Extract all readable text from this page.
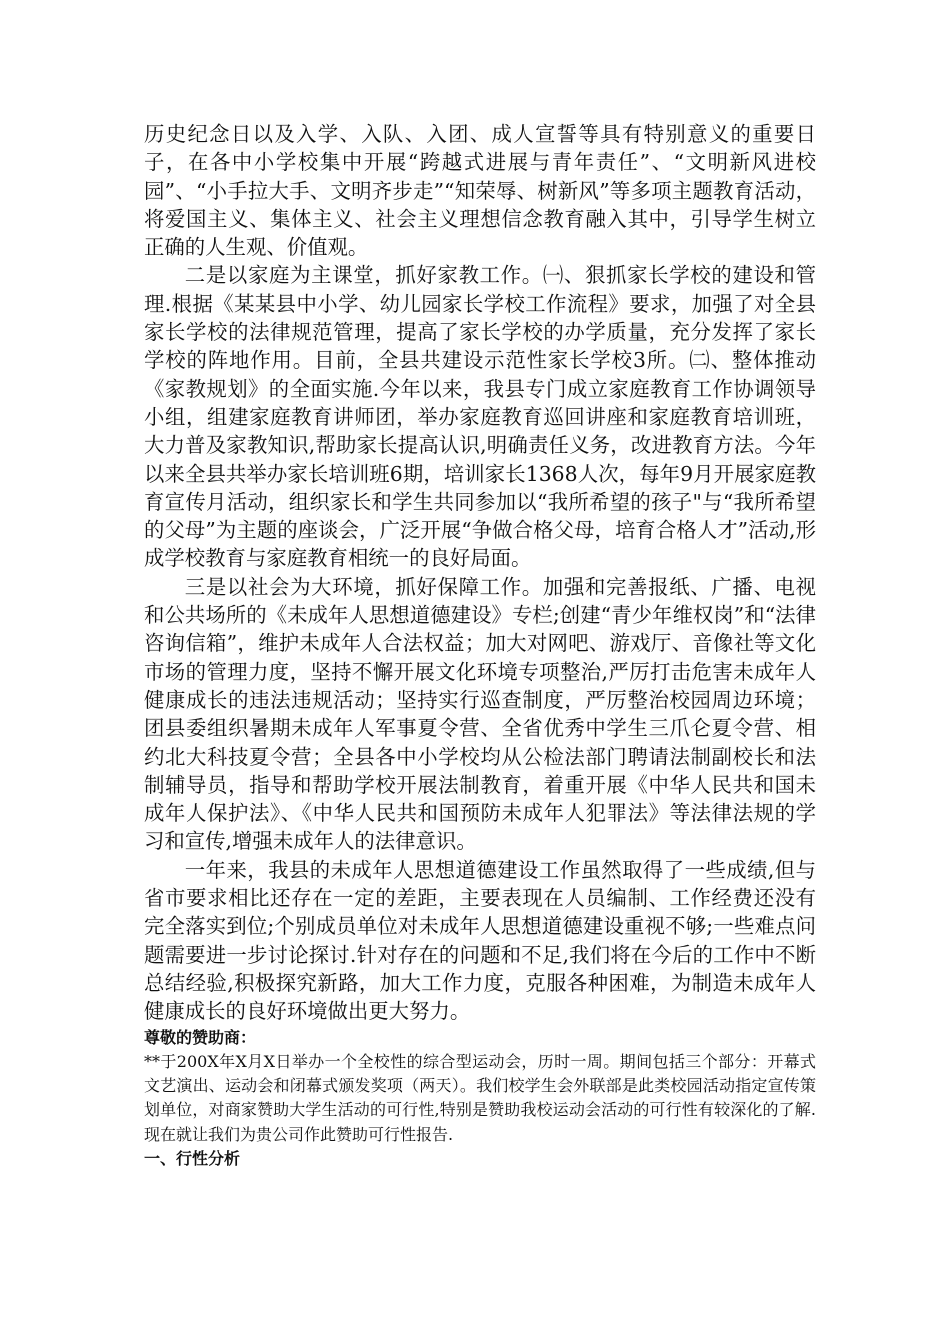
历史纪念日以及入学、入队、入团、成人宣誓等具有特别意义的重要日子，在各中小学校集中开展“跨越式进展与青年责任”、“文明新风进校园”、“小手拉大手、文明齐步走”“知荣辱、树新风”等多项主题教育活动，将爱国主义、集体主义、社会主义理想信念教育融入其中，引导学生树立正确的人生观、价值观。

二是以家庭为主课堂，抓好家教工作。㈠、狠抓家长学校的建设和管理.根据《某某县中小学、幼儿园家长学校工作流程》要求，加强了对全县家长学校的法律规范管理，提高了家长学校的办学质量，充分发挥了家长学校的阵地作用。目前，全县共建设示范性家长学校3所。㈡、整体推动《家教规划》的全面实施.今年以来，我县专门成立家庭教育工作协调领导小组，组建家庭教育讲师团，举办家庭教育巡回讲座和家庭教育培训班，大力普及家教知识,帮助家长提高认识,明确责任义务，改进教育方法。今年以来全县共举办家长培训班6期，培训家长1368人次，每年9月开展家庭教育宣传月活动，组织家长和学生共同参加以“我所希望的孩子"与“我所希望的父母”为主题的座谈会，广泛开展“争做合格父母，培育合格人才”活动,形成学校教育与家庭教育相统一的良好局面。

三是以社会为大环境，抓好保障工作。加强和完善报纸、广播、电视和公共场所的《未成年人思想道德建设》专栏;创建“青少年维权岗”和“法律咨询信箱”，维护未成年人合法权益；加大对网吧、游戏厅、音像社等文化市场的管理力度，坚持不懈开展文化环境专项整治,严厉打击危害未成年人健康成长的违法违规活动；坚持实行巡查制度，严厉整治校园周边环境；团县委组织暑期未成年人军事夏令营、全省优秀中学生三爪仑夏令营、相约北大科技夏令营；全县各中小学校均从公检法部门聘请法制副校长和法制辅导员，指导和帮助学校开展法制教育，着重开展《中华人民共和国未成年人保护法》、《中华人民共和国预防未成年人犯罪法》等法律法规的学习和宣传,增强未成年人的法律意识。

一年来，我县的未成年人思想道德建设工作虽然取得了一些成绩,但与省市要求相比还存在一定的差距，主要表现在人员编制、工作经费还没有完全落实到位;个别成员单位对未成年人思想道德建设重视不够;一些难点问题需要进一步讨论探讨.针对存在的问题和不足,我们将在今后的工作中不断总结经验,积极探究新路，加大工作力度，克服各种困难，为制造未成年人健康成长的良好环境做出更大努力。

尊敬的赞助商：

**于200X年X月X日举办一个全校性的综合型运动会，历时一周。期间包括三个部分：开幕式文艺演出、运动会和闭幕式颁发奖项（两天）。我们校学生会外联部是此类校园活动指定宣传策划单位，对商家赞助大学生活动的可行性,特别是赞助我校运动会活动的可行性有较深化的了解.现在就让我们为贵公司作此赞助可行性报告.

一、行性分析
